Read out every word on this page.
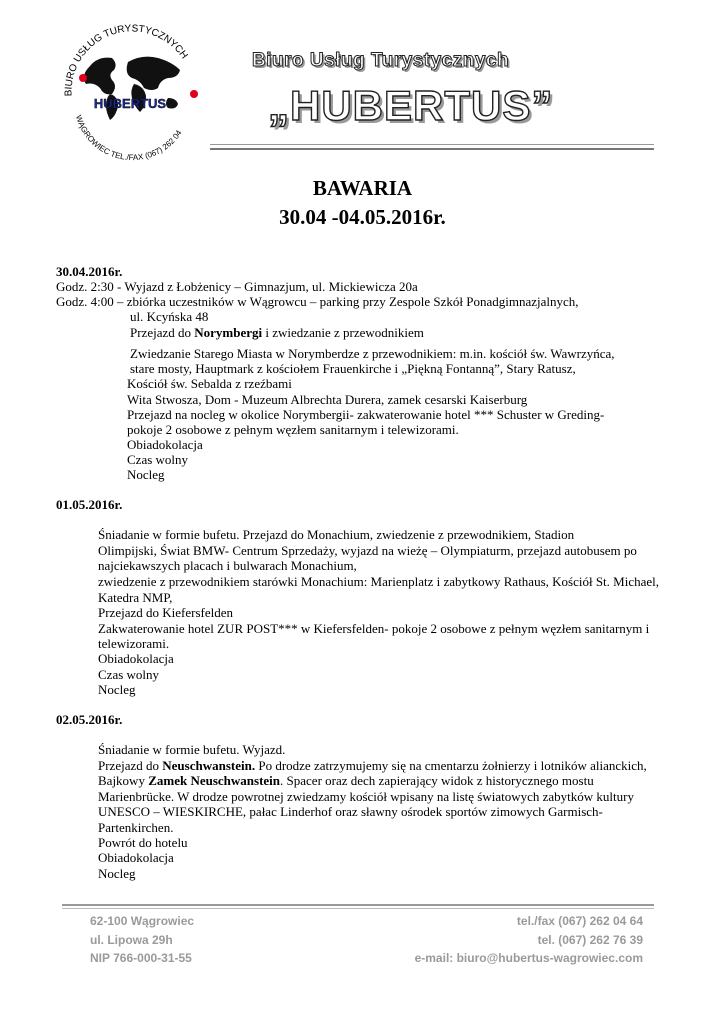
BIURO USŁUG TURYSTYCZNYCH
WĄGROWIEC TEL./FAX (067) 262 04
HUBERTUS
Biuro Usług Turystycznych
„HUBERTUS”
BAWARIA
30.04 -04.05.2016r.
30.04.2016r.
Godz. 2:30 - Wyjazd z Łobżenicy – Gimnazjum, ul. Mickiewicza 20a
Godz. 4:00 – zbiórka uczestników w Wągrowcu – parking przy Zespole Szkół Ponadgimnazjalnych,
ul. Kcyńska 48
Przejazd do Norymbergi i zwiedzanie z przewodnikiem
Zwiedzanie Starego Miasta w Norymberdze z przewodnikiem: m.in. kościół św. Wawrzyńca,
stare mosty, Hauptmark z kościołem Frauenkirche i „Piękną Fontanną”, Stary Ratusz,
Kościół św. Sebalda z rzeźbami
Wita Stwosza, Dom - Muzeum Albrechta Durera, zamek cesarski Kaiserburg
Przejazd na nocleg w okolice Norymbergii- zakwaterowanie hotel *** Schuster w Greding-
pokoje 2 osobowe z pełnym węzłem sanitarnym i telewizorami.
Obiadokolacja
Czas wolny
Nocleg
01.05.2016r.
Śniadanie w formie bufetu. Przejazd do Monachium, zwiedzenie z przewodnikiem, Stadion
Olimpijski, Świat BMW- Centrum Sprzedaży, wyjazd na wieżę – Olympiaturm, przejazd autobusem po
najciekawszych placach i bulwarach Monachium,
zwiedzenie z przewodnikiem starówki Monachium: Marienplatz i zabytkowy Rathaus, Kościół St. Michael,
Katedra NMP,
Przejazd do Kiefersfelden
Zakwaterowanie hotel ZUR POST*** w Kiefersfelden- pokoje 2 osobowe z pełnym węzłem sanitarnym i
telewizorami.
Obiadokolacja
Czas wolny
Nocleg
02.05.2016r.
Śniadanie w formie bufetu. Wyjazd.
Przejazd do Neuschwanstein. Po drodze zatrzymujemy się na cmentarzu żołnierzy i lotników alianckich,
Bajkowy Zamek Neuschwanstein. Spacer oraz dech zapierający widok z historycznego mostu
Marienbrücke. W drodze powrotnej zwiedzamy kościół wpisany na listę światowych zabytków kultury
UNESCO – WIESKIRCHE, pałac Linderhof oraz sławny ośrodek sportów zimowych Garmisch-
Partenkirchen.
Powrót do hotelu
Obiadokolacja
Nocleg
62-100 Wągrowiec
ul. Lipowa 29h
NIP 766-000-31-55
tel./fax (067) 262 04 64
tel. (067) 262 76 39
e-mail: biuro@hubertus-wagrowiec.com
